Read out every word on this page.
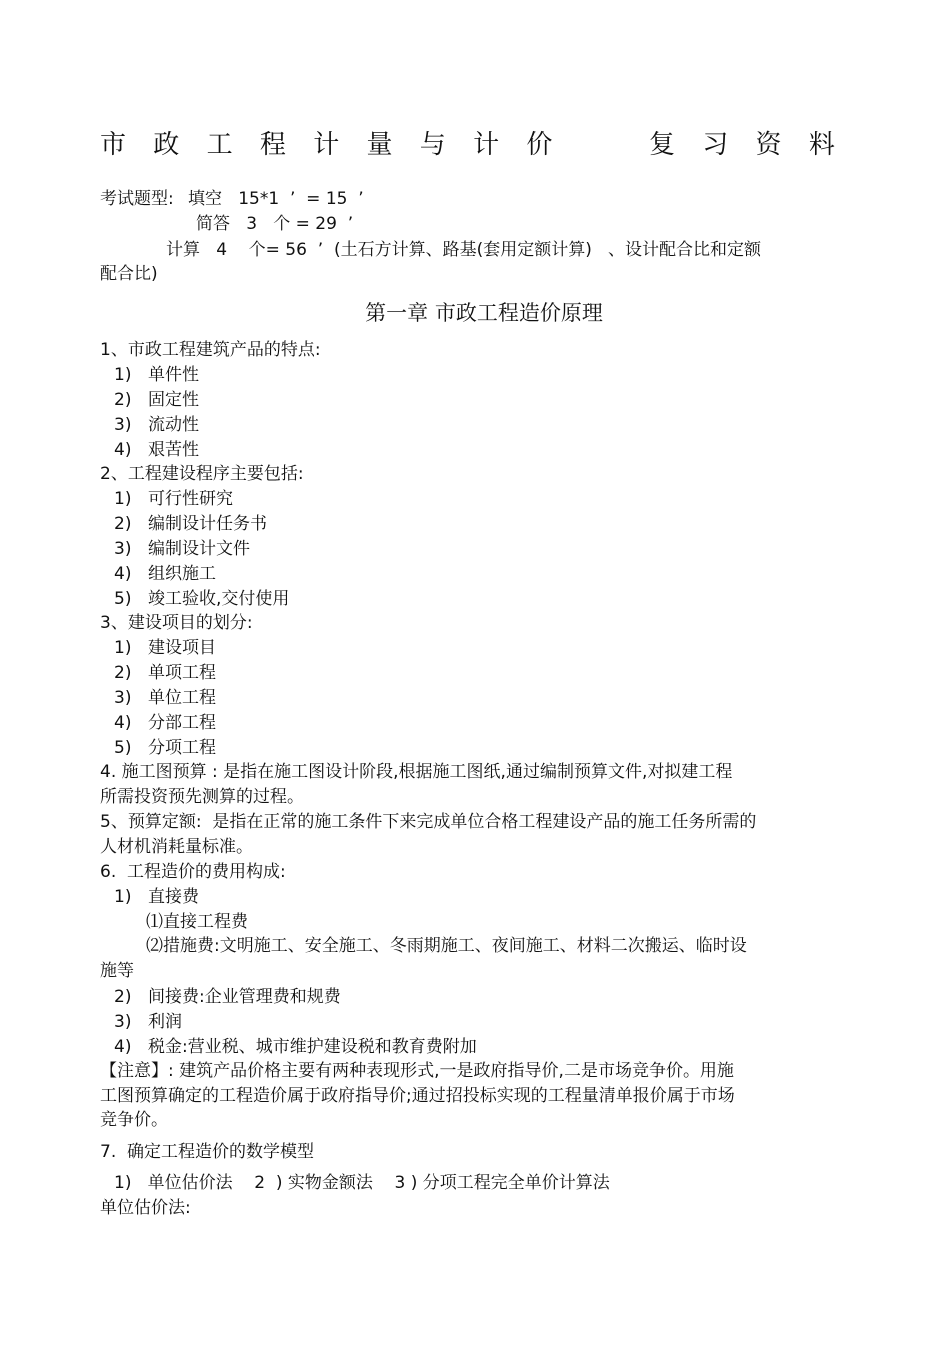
市 政 工 程 计 量 与 计 价	复 习 资 料
考试题型: 填空   15*1  ’  = 15  ’
简答   3   个 = 29  ’
计算   4    个= 56  ’  (土石方计算、路基(套用定额计算)   、设计配合比和定额
配合比)
第一章 市政工程造价原理
1、市政工程建筑产品的特点:
1) 单件性
2) 固定性
3) 流动性
4) 艰苦性
2、工程建设程序主要包括:
1) 可行性研究
2) 编制设计任务书
3) 编制设计文件
4) 组织施工
5) 竣工验收,交付使用
3、建设项目的划分:
1) 建设项目
2) 单项工程
3) 单位工程
4) 分部工程
5) 分项工程
4. 施工图预算 : 是指在施工图设计阶段,根据施工图纸,通过编制预算文件,对拟建工程
所需投资预先测算的过程。
5、预算定额:  是指在正常的施工条件下来完成单位合格工程建设产品的施工任务所需的
人材机消耗量标准。
6.  工程造价的费用构成:
1) 直接费
⑴直接工程费
⑵措施费:文明施工、安全施工、冬雨期施工、夜间施工、材料二次搬运、临时设
施等
2) 间接费:企业管理费和规费
3) 利润
4) 税金:营业税、城市维护建设税和教育费附加
【注意】: 建筑产品价格主要有两种表现形式,一是政府指导价,二是市场竞争价。用施
工图预算确定的工程造价属于政府指导价;通过招投标实现的工程量清单报价属于市场
竞争价。
7.  确定工程造价的数学模型
1)   单位估价法    2  ) 实物金额法    3 ) 分项工程完全单价计算法
单位估价法:
